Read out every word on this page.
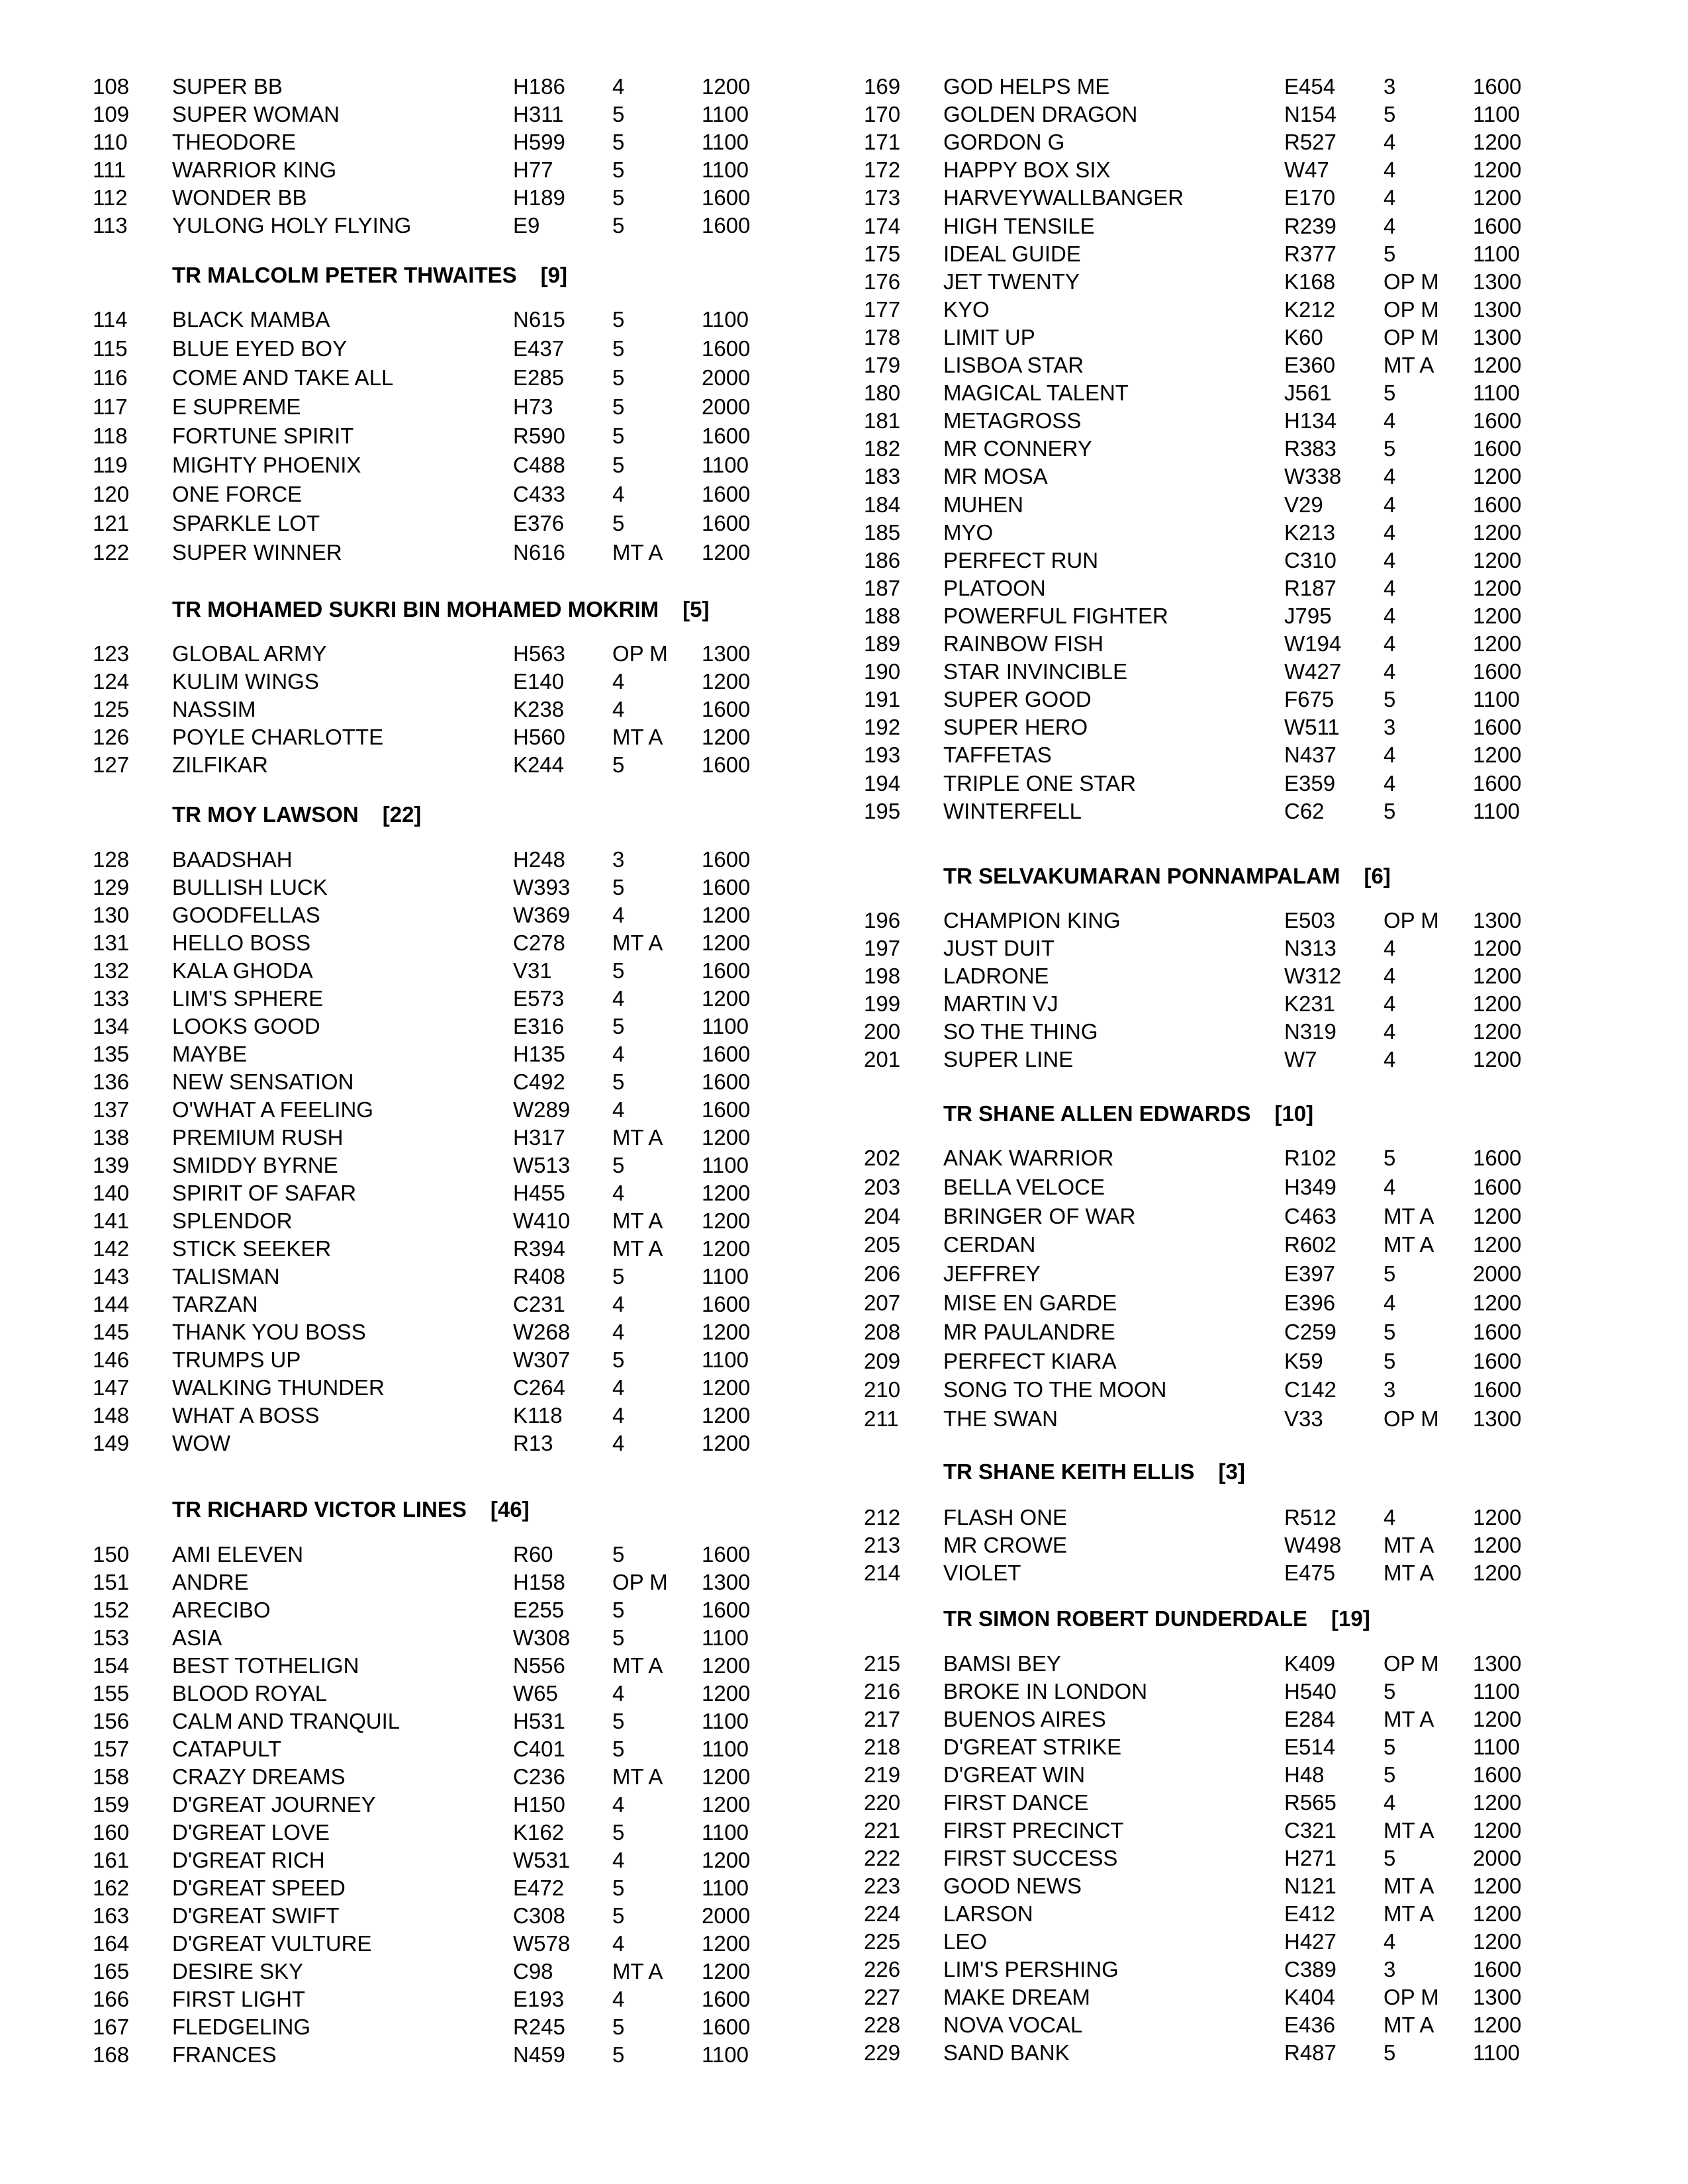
108 SUPER BB	H186 4	1200
109 SUPER WOMAN	H311 5	1100
110 THEODORE	H599 5	1100
111 WARRIOR KING	H77	5	1100
112 WONDER BB	H189 5	1600
113 YULONG HOLY FLYING	E9	5	1600
TR MALCOLM PETER THWAITES [9]
114 BLACK MAMBA	N615 5	1100
115 BLUE EYED BOY	E437 5	1600
116 COME AND TAKE ALL	E285 5	2000
117 E SUPREME	H73	5	2000
118 FORTUNE SPIRIT	R590 5	1600
119 MIGHTY PHOENIX	C488 5	1100
120 ONE FORCE	C433 4	1600
121 SPARKLE LOT	E376 5	1600
122 SUPER WINNER	N616 MT A 1200
TR MOHAMED SUKRI BIN MOHAMED MOKRIM [5]
123 GLOBAL ARMY	H563 OP M 1300
124 KULIM WINGS	E140 4	1200
125 NASSIM	K238 4	1600
126 POYLE CHARLOTTE	H560 MT A 1200
127 ZILFIKAR	K244 5	1600
TR MOY LAWSON [22]
128 BAADSHAH	H248 3	1600
129 BULLISH LUCK	W393 5	1600
130 GOODFELLAS	W369 4	1200
131 HELLO BOSS	C278 MT A 1200
132 KALA GHODA	V31	5	1600
133 LIM'S SPHERE	E573 4	1200
134 LOOKS GOOD	E316 5	1100
135 MAYBE	H135 4	1600
136 NEW SENSATION	C492 5	1600
137 O'WHAT A FEELING	W289 4	1600
138 PREMIUM RUSH	H317 MT A 1200
139 SMIDDY BYRNE	W513 5	1100
140 SPIRIT OF SAFAR	H455 4	1200
141 SPLENDOR	W410 MT A 1200
142 STICK SEEKER	R394 MT A 1200
143 TALISMAN	R408 5	1100
144 TARZAN	C231 4	1600
145 THANK YOU BOSS	W268 4	1200
146 TRUMPS UP	W307 5	1100
147 WALKING THUNDER	C264 4	1200
148 WHAT A BOSS	K118 4	1200
149 WOW	R13	4	1200
TR RICHARD VICTOR LINES [46]
150 AMI ELEVEN	R60	5	1600
151 ANDRE	H158 OP M 1300
152 ARECIBO	E255 5	1600
153 ASIA	W308 5	1100
154 BEST TOTHELIGN	N556 MT A 1200
155 BLOOD ROYAL	W65 4	1200
156 CALM AND TRANQUIL	H531 5	1100
157 CATAPULT	C401 5	1100
158 CRAZY DREAMS	C236 MT A 1200
159 D'GREAT JOURNEY	H150 4	1200
160 D'GREAT LOVE	K162 5	1100
161 D'GREAT RICH	W531 4	1200
162 D'GREAT SPEED	E472 5	1100
163 D'GREAT SWIFT	C308 5	2000
164 D'GREAT VULTURE	W578 4	1200
165 DESIRE SKY	C98	MT A 1200
166 FIRST LIGHT	E193 4	1600
167 FLEDGELING	R245 5	1600
168 FRANCES	N459 5	1100
169 GOD HELPS ME	E454 3	1600
170 GOLDEN DRAGON	N154 5	1100
171 GORDON G	R527 4	1200
172 HAPPY BOX SIX	W47 4	1200
173 HARVEYWALLBANGER	E170 4	1200
174 HIGH TENSILE	R239 4	1600
175 IDEAL GUIDE	R377 5	1100
176 JET TWENTY	K168 OP M 1300
177 KYO	K212 OP M 1300
178 LIMIT UP	K60	OP M 1300
179 LISBOA STAR	E360 MT A 1200
180 MAGICAL TALENT	J561 5	1100
181 METAGROSS	H134 4	1600
182 MR CONNERY	R383 5	1600
183 MR MOSA	W338 4	1200
184 MUHEN	V29	4	1600
185 MYO	K213 4	1200
186 PERFECT RUN	C310 4	1200
187 PLATOON	R187 4	1200
188 POWERFUL FIGHTER	J795 4	1200
189 RAINBOW FISH	W194 4	1200
190 STAR INVINCIBLE	W427 4	1600
191 SUPER GOOD	F675 5	1100
192 SUPER HERO	W511 3	1600
193 TAFFETAS	N437 4	1200
194 TRIPLE ONE STAR	E359 4	1600
195 WINTERFELL	C62	5	1100
TR SELVAKUMARAN PONNAMPALAM [6]
196 CHAMPION KING	E503 OP M 1300
197 JUST DUIT	N313 4	1200
198 LADRONE	W312 4	1200
199 MARTIN VJ	K231 4	1200
200 SO THE THING	N319 4	1200
201 SUPER LINE	W7	4	1200
TR SHANE ALLEN EDWARDS [10]
202 ANAK WARRIOR	R102 5	1600
203 BELLA VELOCE	H349 4	1600
204 BRINGER OF WAR	C463 MT A 1200
205 CERDAN	R602 MT A 1200
206 JEFFREY	E397 5	2000
207 MISE EN GARDE	E396 4	1200
208 MR PAULANDRE	C259 5	1600
209 PERFECT KIARA	K59	5	1600
210 SONG TO THE MOON	C142 3	1600
211 THE SWAN	V33	OP M 1300
TR SHANE KEITH ELLIS [3]
212 FLASH ONE	R512 4	1200
213 MR CROWE	W498 MT A 1200
214 VIOLET	E475 MT A 1200
TR SIMON ROBERT DUNDERDALE [19]
215 BAMSI BEY	K409 OP M 1300
216 BROKE IN LONDON	H540 5	1100
217 BUENOS AIRES	E284 MT A 1200
218 D'GREAT STRIKE	E514 5	1100
219 D'GREAT WIN	H48	5	1600
220 FIRST DANCE	R565 4	1200
221 FIRST PRECINCT	C321 MT A 1200
222 FIRST SUCCESS	H271 5	2000
223 GOOD NEWS	N121 MT A 1200
224 LARSON	E412 MT A 1200
225 LEO	H427 4	1200
226 LIM'S PERSHING	C389 3	1600
227 MAKE DREAM	K404 OP M 1300
228 NOVA VOCAL	E436 MT A 1200
229 SAND BANK	R487 5	1100
